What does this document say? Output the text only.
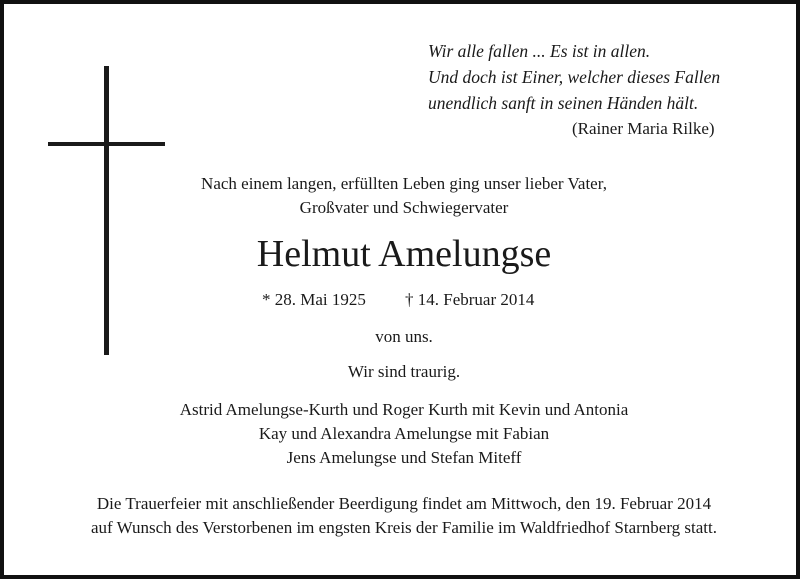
Wir alle fallen ... Es ist in allen.
Und doch ist Einer, welcher dieses Fallen
unendlich sanft in seinen Händen hält.
(Rainer Maria Rilke)
Nach einem langen, erfüllten Leben ging unser lieber Vater,
Großvater und Schwiegervater
Helmut Amelungse
* 28. Mai 1925 † 14. Februar 2014
von uns.
Wir sind traurig.
Astrid Amelungse-Kurth und Roger Kurth mit Kevin und Antonia
Kay und Alexandra Amelungse mit Fabian
Jens Amelungse und Stefan Miteff
Die Trauerfeier mit anschließender Beerdigung findet am Mittwoch, den 19. Februar 2014
auf Wunsch des Verstorbenen im engsten Kreis der Familie im Waldfriedhof Starnberg statt.
